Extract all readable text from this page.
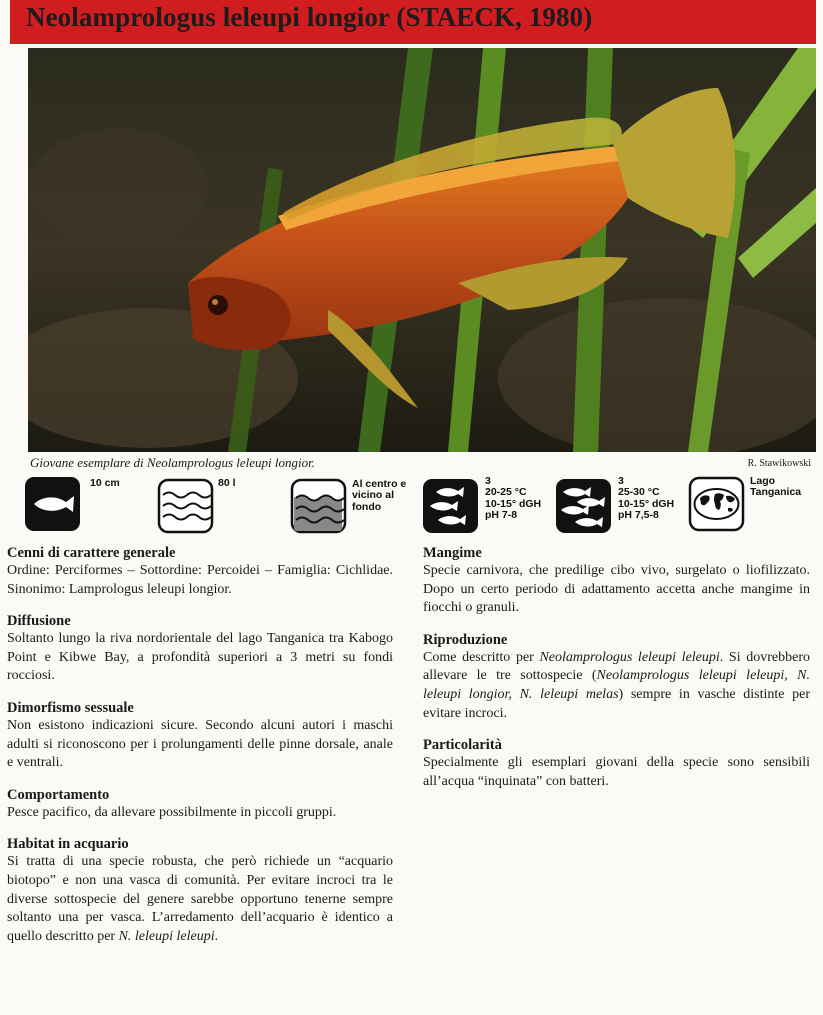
Neolamprologus leleupi longior (STAECK, 1980)
Giovane esemplare di Neolamprologus leleupi longior.	R. Stawikowski
10 cm	80 l	Al centro e
vicino al
fondo
3
20-25 °C
10-15° dGH
pH 7-8
3
25-30 °C
10-15° dGH
pH 7,5-8
Lago
Tanganica
Cenni di carattere generale

Ordine: Perciformes – Sottordine: Percoidei – Famiglia: Cichlidae. Sinonimo: Lamprologus leleupi longior.

Diffusione

Soltanto lungo la riva nordorientale del lago Tanganica tra Kabogo Point e Kibwe Bay, a profondità superiori a 3 metri su fondi rocciosi.

Dimorfismo sessuale

Non esistono indicazioni sicure. Secondo alcuni autori i maschi adulti si riconoscono per i prolungamenti delle pinne dorsale, anale e ventrali.

Comportamento

Pesce pacifico, da allevare possibilmente in piccoli gruppi.

Habitat in acquario

Si tratta di una specie robusta, che però richiede un “acquario biotopo” e non una vasca di comunità. Per evitare incroci tra le diverse sottospecie del genere sarebbe opportuno tenerne sempre soltanto una per vasca. L’arredamento dell’acquario è identico a quello descritto per N. leleupi leleupi.

Mangime

Specie carnivora, che predilige cibo vivo, surgelato o liofilizzato. Dopo un certo periodo di adattamento accetta anche mangime in fiocchi o granuli.

Riproduzione

Come descritto per Neolamprologus leleupi leleupi. Si dovrebbero allevare le tre sottospecie (Neolamprologus leleupi leleupi, N. leleupi longior, N. leleupi melas) sempre in vasche distinte per evitare incroci.

Particolarità

Specialmente gli esemplari giovani della specie sono sensibili all’acqua “inquinata” con batteri.
